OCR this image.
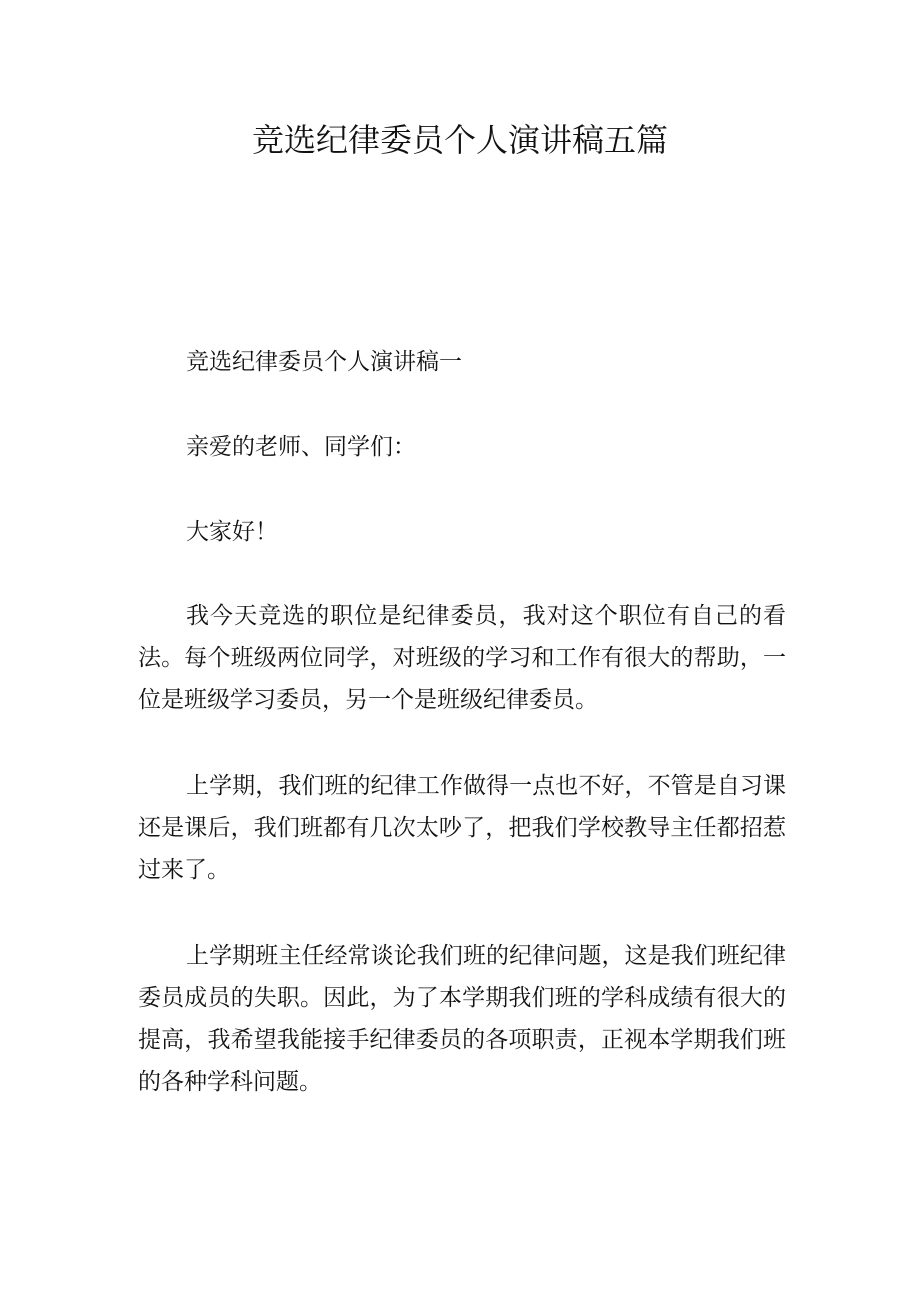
竞选纪律委员个人演讲稿五篇

竞选纪律委员个人演讲稿一

亲爱的老师、同学们：

大家好！

我今天竞选的职位是纪律委员，我对这个职位有自己的看法。每个班级两位同学，对班级的学习和工作有很大的帮助，一位是班级学习委员，另一个是班级纪律委员。

上学期，我们班的纪律工作做得一点也不好，不管是自习课还是课后，我们班都有几次太吵了，把我们学校教导主任都招惹过来了。

上学期班主任经常谈论我们班的纪律问题，这是我们班纪律委员成员的失职。因此，为了本学期我们班的学科成绩有很大的提高，我希望我能接手纪律委员的各项职责，正视本学期我们班的各种学科问题。
